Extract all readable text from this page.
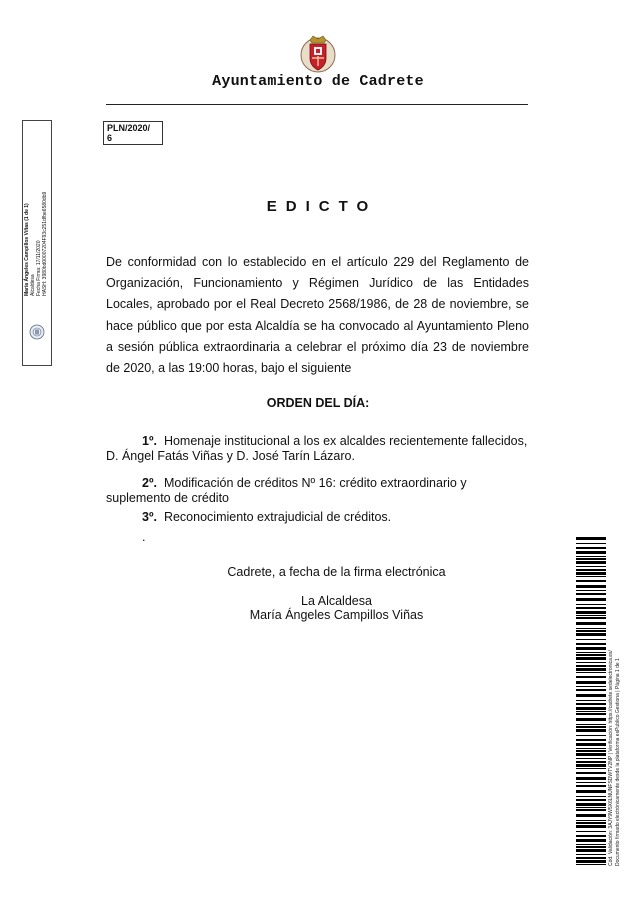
Ayuntamiento de Cadrete
PLN/2020/
6
María Ángeles Campillos Viñas (1 de 1) Alcaldesa Fecha Firma: 17/11/2020 HASH: 3980bd00007204F93c251dfbe6580db9	EDICTO
De conformidad con lo establecido en el artículo 229 del Reglamento de Organización, Funcionamiento y Régimen Jurídico de las Entidades Locales, aprobado por el Real Decreto 2568/1986, de 28 de noviembre, se hace público que por esta Alcaldía se ha convocado al Ayuntamiento Pleno a sesión pública extraordinaria a celebrar el próximo día 23 de noviembre de 2020, a las 19:00 horas, bajo el siguiente
ORDEN DEL DÍA:
1º. Homenaje institucional a los ex alcaldes recientemente fallecidos, D. Ángel Fatás Viñas y D. José Tarín Lázaro.
2º. Modificación de créditos Nº 16: crédito extraordinario y suplemento de crédito
3º. Reconocimiento extrajudicial de créditos.
.
Cadrete, a fecha de la firma electrónica
La Alcaldesa
María Ángeles Campillos Viñas
Cód. Validación: 3AJY9W5X6LNUNFSDWTV2NP | Verificación: https://cadrete.sedelectronica.es/ Documento firmado electrónicamente desde la plataforma esPublico Gestiona | Página 1 de 1
